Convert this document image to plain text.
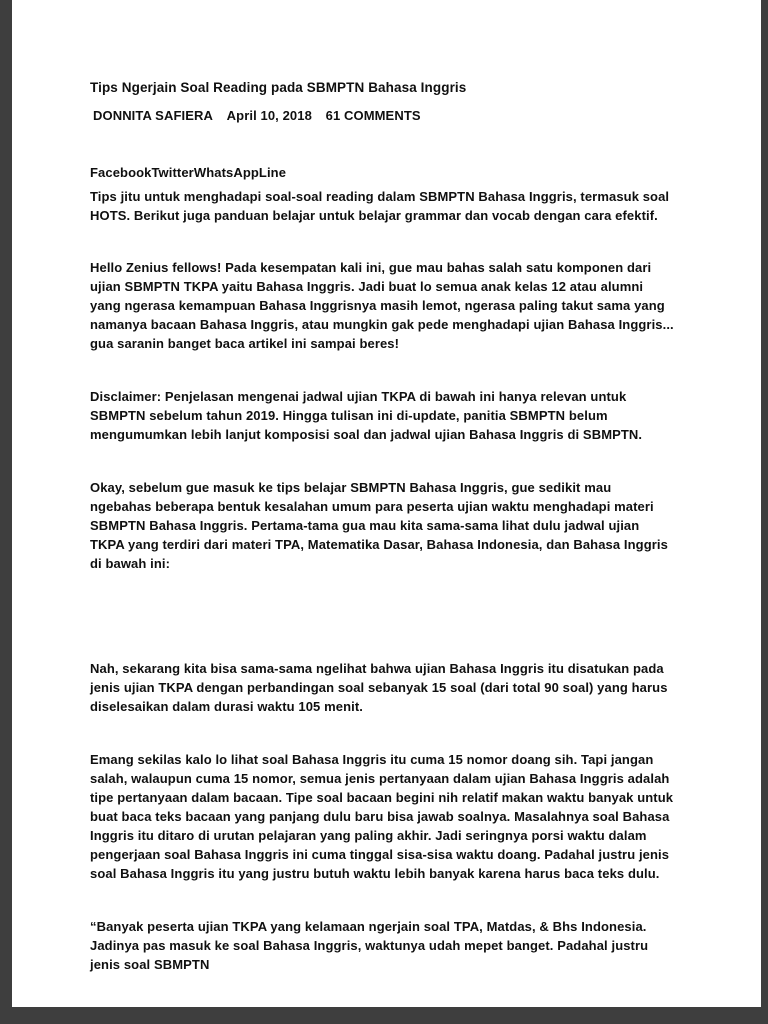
Tips Ngerjain Soal Reading pada SBMPTN Bahasa Inggris
DONNITA SAFIERA April 10, 2018 61 COMMENTS
FacebookTwitterWhatsAppLine

Tips jitu untuk menghadapi soal-soal reading dalam SBMPTN Bahasa Inggris, termasuk soal HOTS. Berikut juga panduan belajar untuk belajar grammar dan vocab dengan cara efektif.

Hello Zenius fellows! Pada kesempatan kali ini, gue mau bahas salah satu komponen dari ujian SBMPTN TKPA yaitu Bahasa Inggris. Jadi buat lo semua anak kelas 12 atau alumni yang ngerasa kemampuan Bahasa Inggrisnya masih lemot, ngerasa paling takut sama yang namanya bacaan Bahasa Inggris, atau mungkin gak pede menghadapi ujian Bahasa Inggris... gua saranin banget baca artikel ini sampai beres!

Disclaimer: Penjelasan mengenai jadwal ujian TKPA di bawah ini hanya relevan untuk SBMPTN sebelum tahun 2019. Hingga tulisan ini di-update, panitia SBMPTN belum mengumumkan lebih lanjut komposisi soal dan jadwal ujian Bahasa Inggris di SBMPTN.

Okay, sebelum gue masuk ke tips belajar SBMPTN Bahasa Inggris, gue sedikit mau ngebahas beberapa bentuk kesalahan umum para peserta ujian waktu menghadapi materi SBMPTN Bahasa Inggris. Pertama-tama gua mau kita sama-sama lihat dulu jadwal ujian TKPA yang terdiri dari materi TPA, Matematika Dasar, Bahasa Indonesia, dan Bahasa Inggris di bawah ini:

Nah, sekarang kita bisa sama-sama ngelihat bahwa ujian Bahasa Inggris itu disatukan pada jenis ujian TKPA dengan perbandingan soal sebanyak 15 soal (dari total 90 soal) yang harus diselesaikan dalam durasi waktu 105 menit.

Emang sekilas kalo lo lihat soal Bahasa Inggris itu cuma 15 nomor doang sih. Tapi jangan salah, walaupun cuma 15 nomor, semua jenis pertanyaan dalam ujian Bahasa Inggris adalah tipe pertanyaan dalam bacaan. Tipe soal bacaan begini nih relatif makan waktu banyak untuk buat baca teks bacaan yang panjang dulu baru bisa jawab soalnya. Masalahnya soal Bahasa Inggris itu ditaro di urutan pelajaran yang paling akhir. Jadi seringnya porsi waktu dalam pengerjaan soal Bahasa Inggris ini cuma tinggal sisa-sisa waktu doang. Padahal justru jenis soal Bahasa Inggris itu yang justru butuh waktu lebih banyak karena harus baca teks dulu.

“Banyak peserta ujian TKPA yang kelamaan ngerjain soal TPA, Matdas, & Bhs Indonesia. Jadinya pas masuk ke soal Bahasa Inggris, waktunya udah mepet banget. Padahal justru jenis soal SBMPTN
